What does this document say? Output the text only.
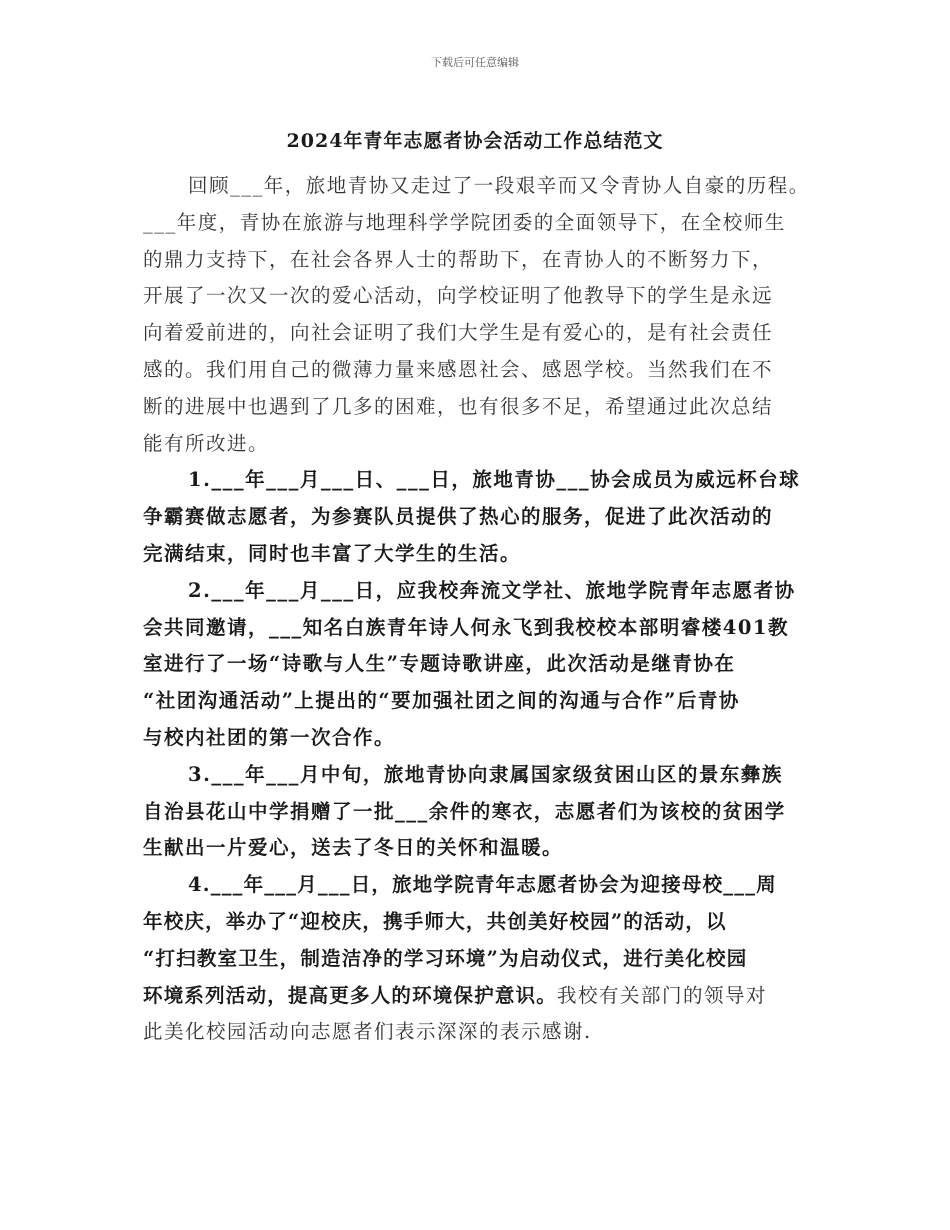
下载后可任意编辑
2024年青年志愿者协会活动工作总结范文
回顾___年，旅地青协又走过了一段艰辛而又令青协人自豪的历程。
___年度，青协在旅游与地理科学学院团委的全面领导下，在全校师生
的鼎力支持下，在社会各界人士的帮助下，在青协人的不断努力下，
开展了一次又一次的爱心活动，向学校证明了他教导下的学生是永远
向着爱前进的，向社会证明了我们大学生是有爱心的，是有社会责任
感的。我们用自己的微薄力量来感恩社会、感恩学校。当然我们在不
断的进展中也遇到了几多的困难，也有很多不足，希望通过此次总结
能有所改进。
1.___年___月___日、___日，旅地青协___协会成员为威远杯台球
争霸赛做志愿者，为参赛队员提供了热心的服务，促进了此次活动的
完满结束，同时也丰富了大学生的生活。
2.___年___月___日，应我校奔流文学社、旅地学院青年志愿者协
会共同邀请，___知名白族青年诗人何永飞到我校校本部明睿楼401教
室进行了一场“诗歌与人生”专题诗歌讲座，此次活动是继青协在
“社团沟通活动”上提出的“要加强社团之间的沟通与合作”后青协
与校内社团的第一次合作。
3.___年___月中旬，旅地青协向隶属国家级贫困山区的景东彝族
自治县花山中学捐赠了一批___余件的寒衣，志愿者们为该校的贫困学
生献出一片爱心，送去了冬日的关怀和温暖。
4.___年___月___日，旅地学院青年志愿者协会为迎接母校___周
年校庆，举办了“迎校庆，携手师大，共创美好校园”的活动，以
“打扫教室卫生，制造洁净的学习环境”为启动仪式，进行美化校园
环境系列活动，提高更多人的环境保护意识。我校有关部门的领导对
此美化校园活动向志愿者们表示深深的表示感谢.
